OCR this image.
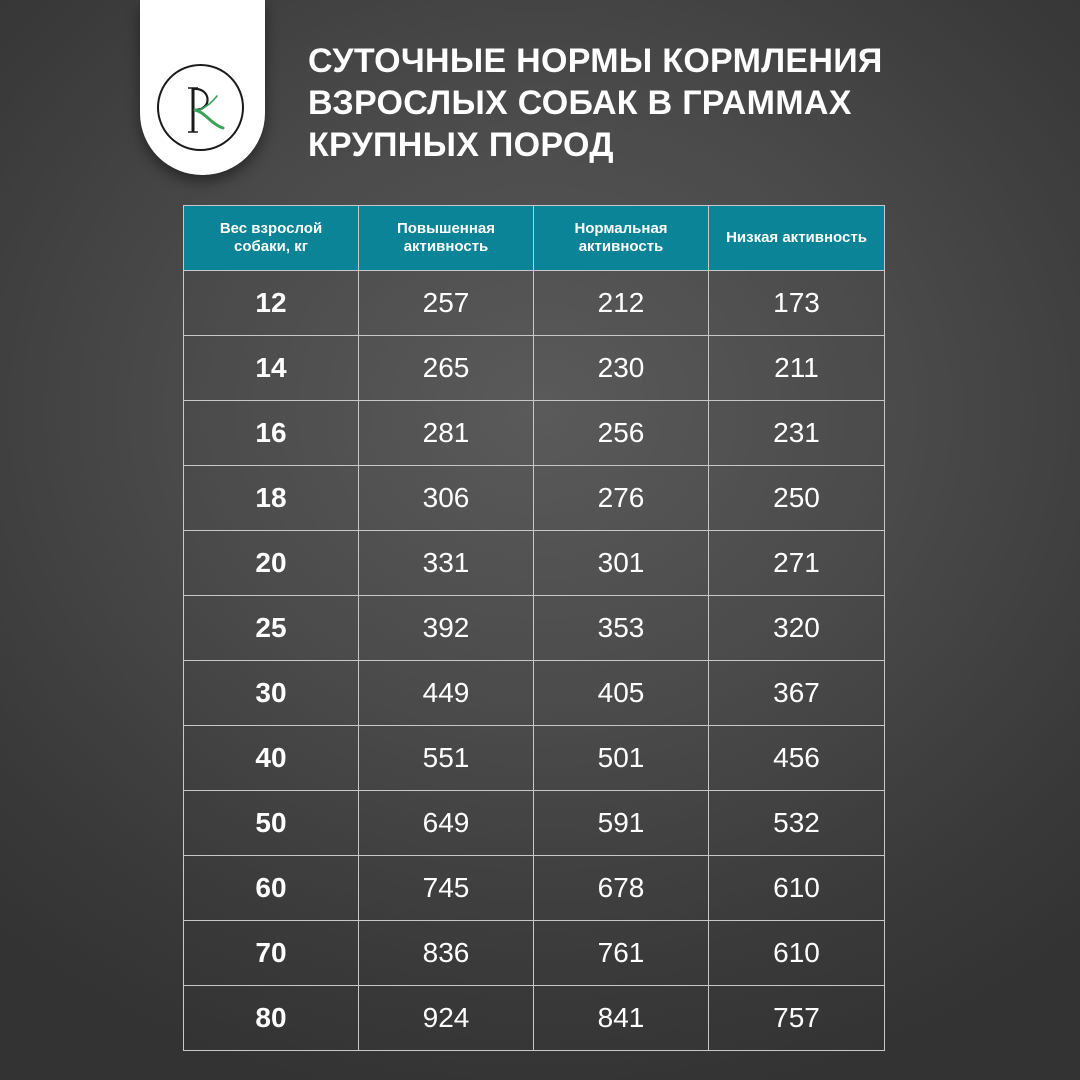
СУТОЧНЫЕ НОРМЫ КОРМЛЕНИЯ
ВЗРОСЛЫХ СОБАК В ГРАММАХ
КРУПНЫХ ПОРОД
Вес взрослой собаки, кг	Повышенная активность	Нормальная активность	Низкая активность
12	257	212	173
14	265	230	211
16	281	256	231
18	306	276	250
20	331	301	271
25	392	353	320
30	449	405	367
40	551	501	456
50	649	591	532
60	745	678	610
70	836	761	610
80	924	841	757
